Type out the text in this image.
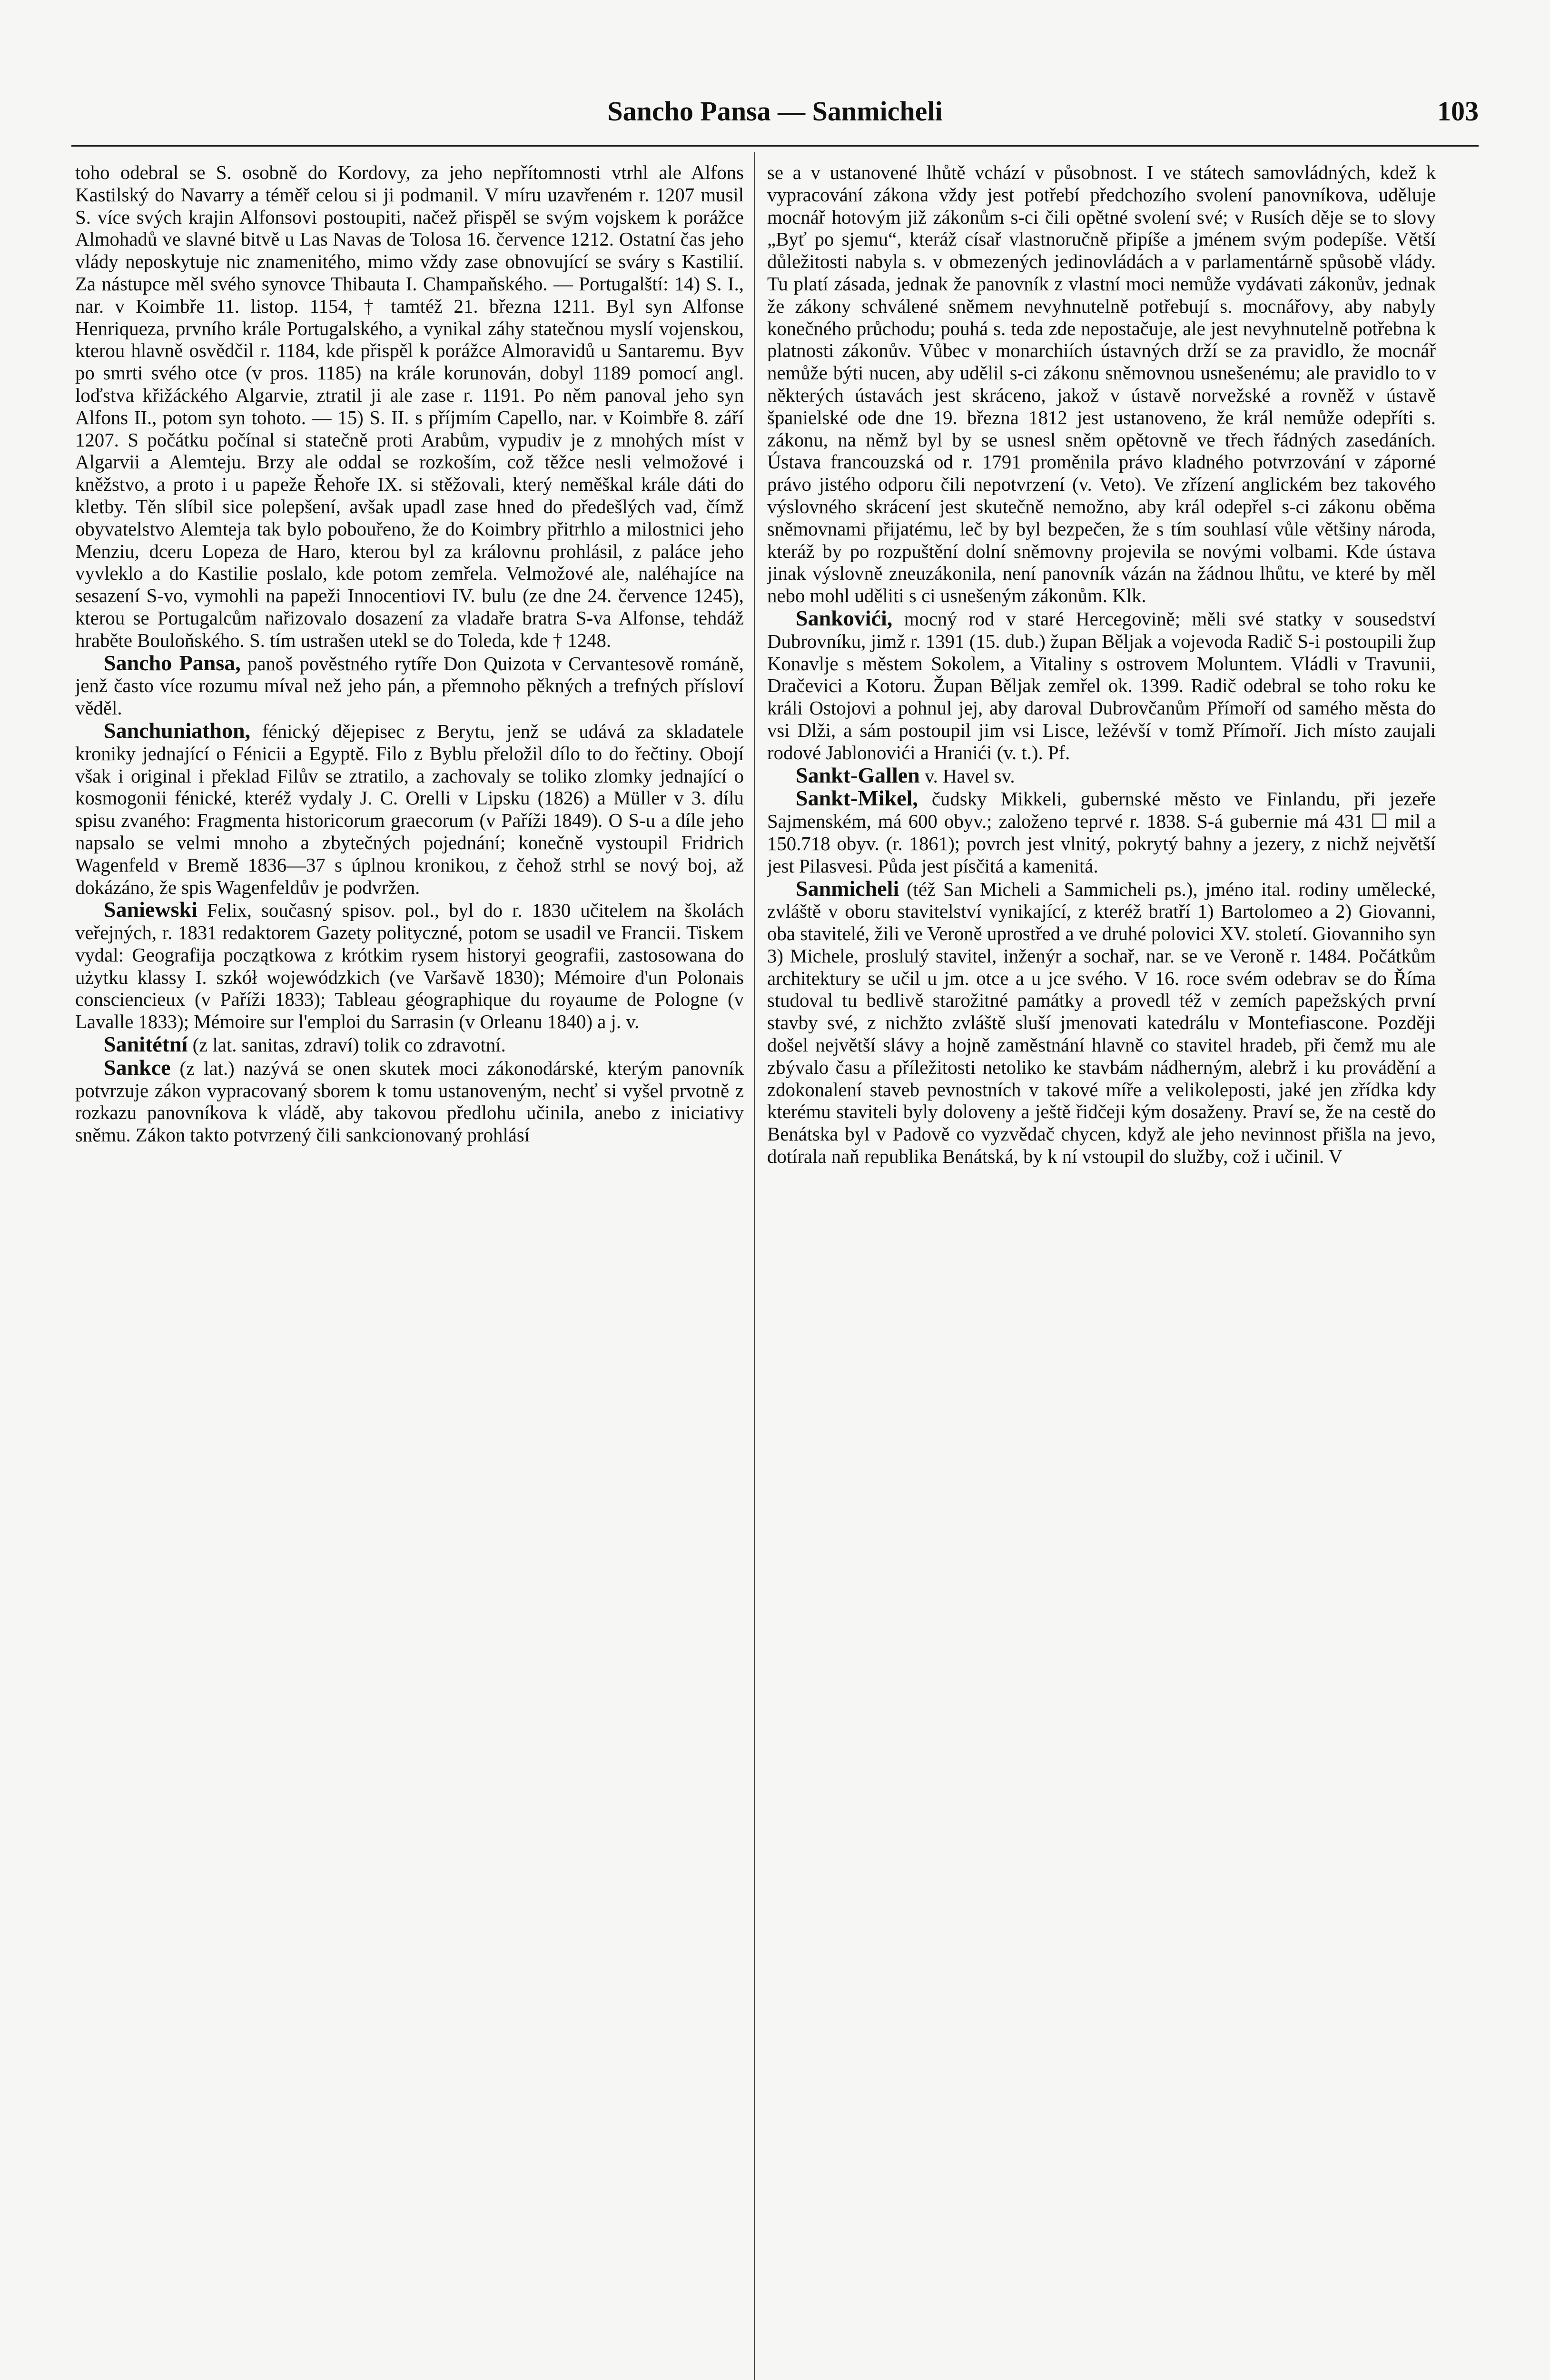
Sancho Pansa — Sanmicheli	103

toho odebral se S. osobně do Kordovy, za jeho nepřítomnosti vtrhl ale Alfons Kastilský do Navarry a téměř celou si ji podmanil. V míru uzavřeném r. 1207 musil S. více svých krajin Alfonsovi postoupiti, načež přispěl se svým vojskem k porážce Almohadů ve slavné bitvě u Las Navas de Tolosa 16. července 1212. Ostatní čas jeho vlády neposkytuje nic znamenitého, mimo vždy zase obnovující se sváry s Kastilií. Za nástupce měl svého synovce Thibauta I. Champaňského. — Portugalští: 14) S. I., nar. v Koimbře 11. listop. 1154, † tamtéž 21. března 1211. Byl syn Alfonse Henriqueza, prvního krále Portugalského, a vynikal záhy statečnou myslí vojenskou, kterou hlavně osvědčil r. 1184, kde přispěl k porážce Almoravidů u Santaremu. Byv po smrti svého otce (v pros. 1185) na krále korunován, dobyl 1189 pomocí angl. loďstva křižáckého Algarvie, ztratil ji ale zase r. 1191. Po něm panoval jeho syn Alfons II., potom syn tohoto. — 15) S. II. s příjmím Capello, nar. v Koimbře 8. září 1207. S počátku počínal si statečně proti Arabům, vypudiv je z mnohých míst v Algarvii a Alemteju. Brzy ale oddal se rozkoším, což těžce nesli velmožové i kněžstvo, a proto i u papeže Řehoře IX. si stěžovali, který neměškal krále dáti do kletby. Těn slíbil sice polepšení, avšak upadl zase hned do předešlých vad, čímž obyvatelstvo Alemteja tak bylo pobouřeno, že do Koimbry přitrhlo a milostnici jeho Menziu, dceru Lopeza de Haro, kterou byl za královnu prohlásil, z paláce jeho vyvleklo a do Kastilie poslalo, kde potom zemřela. Velmožové ale, naléhajíce na sesazení S-vo, vymohli na papeži Innocentiovi IV. bulu (ze dne 24. července 1245), kterou se Portugalcům nařizovalo dosazení za vladaře bratra S-va Alfonse, tehdáž hraběte Bouloňského. S. tím ustrašen utekl se do Toleda, kde † 1248.

Sancho Pansa, panoš pověstného rytíře Don Quizota v Cervantesově románě, jenž často více rozumu míval než jeho pán, a přemnoho pěkných a trefných přísloví věděl.

Sanchuniathon, fénický dějepisec z Berytu, jenž se udává za skladatele kroniky jednající o Fénicii a Egyptě. Filo z Byblu přeložil dílo to do řečtiny. Obojí však i original i překlad Filův se ztratilo, a zachovaly se toliko zlomky jednající o kosmogonii fénické, kteréž vydaly J. C. Orelli v Lipsku (1826) a Müller v 3. dílu spisu zvaného: Fragmenta historicorum graecorum (v Paříži 1849). O S-u a díle jeho napsalo se velmi mnoho a zbytečných pojednání; konečně vystoupil Fridrich Wagenfeld v Bremě 1836—37 s úplnou kronikou, z čehož strhl se nový boj, až dokázáno, že spis Wagenfeldův je podvržen.

Saniewski Felix, současný spisov. pol., byl do r. 1830 učitelem na školách veřejných, r. 1831 redaktorem Gazety polityczné, potom se usadil ve Francii. Tiskem vydal: Geografija początkowa z krótkim rysem historyi geografii, zastosowana do użytku klassy I. szkół wojewódzkich (ve Varšavě 1830); Mémoire d'un Polonais consciencieux (v Paříži 1833); Tableau géographique du royaume de Pologne (v Lavalle 1833); Mémoire sur l'emploi du Sarrasin (v Orleanu 1840) a j. v.

Sanitétní (z lat. sanitas, zdraví) tolik co zdravotní.

Sankce (z lat.) nazývá se onen skutek moci zákonodárské, kterým panovník potvrzuje zákon vypracovaný sborem k tomu ustanoveným, nechť si vyšel prvotně z rozkazu panovníkova k vládě, aby takovou předlohu učinila, anebo z iniciativy sněmu. Zákon takto potvrzený čili sankcionovaný prohlásí

se a v ustanovené lhůtě vchází v působnost. I ve státech samovládných, kdež k vypracování zákona vždy jest potřebí předchozího svolení panovníkova, uděluje mocnář hotovým již zákonům s-ci čili opětné svolení své; v Rusích děje se to slovy „Byť po sjemu“, kteráž císař vlastnoručně připíše a jménem svým podepíše. Větší důležitosti nabyla s. v obmezených jedinovládách a v parlamentárně spůsobě vlády. Tu platí zásada, jednak že panovník z vlastní moci nemůže vydávati zákonův, jednak že zákony schválené sněmem nevyhnutelně potřebují s. mocnářovy, aby nabyly konečného průchodu; pouhá s. teda zde nepostačuje, ale jest nevyhnutelně potřebna k platnosti zákonův. Vůbec v monarchiích ústavných drží se za pravidlo, že mocnář nemůže býti nucen, aby udělil s-ci zákonu sněmovnou usnešenému; ale pravidlo to v některých ústavách jest skráceno, jakož v ústavě norvežské a rovněž v ústavě španielské ode dne 19. března 1812 jest ustanoveno, že král nemůže odepříti s. zákonu, na němž byl by se usnesl sněm opětovně ve třech řádných zasedáních. Ústava francouzská od r. 1791 proměnila právo kladného potvrzování v záporné právo jistého odporu čili nepotvrzení (v. Veto). Ve zřízení anglickém bez takového výslovného skrácení jest skutečně nemožno, aby král odepřel s-ci zákonu oběma sněmovnami přijatému, leč by byl bezpečen, že s tím souhlasí vůle většiny národa, kteráž by po rozpuštění dolní sněmovny projevila se novými volbami. Kde ústava jinak výslovně zneuzákonila, není panovník vázán na žádnou lhůtu, ve které by měl nebo mohl uděliti s ci usnešeným zákonům. Klk.

Sankovići, mocný rod v staré Hercegovině; měli své statky v sousedství Dubrovníku, jimž r. 1391 (15. dub.) župan Běljak a vojevoda Radič S-i postoupili žup Konavlje s městem Sokolem, a Vitaliny s ostrovem Moluntem. Vládli v Travunii, Dračevici a Kotoru. Župan Běljak zemřel ok. 1399. Radič odebral se toho roku ke králi Ostojovi a pohnul jej, aby daroval Dubrovčanům Přímoří od samého města do vsi Dlži, a sám postoupil jim vsi Lisce, ležévší v tomž Přímoří. Jich místo zaujali rodové Jablonovići a Hranići (v. t.). Pf.

Sankt-Gallen v. Havel sv.

Sankt-Mikel, čudsky Mikkeli, gubernské město ve Finlandu, při jezeře Sajmenském, má 600 obyv.; založeno teprvé r. 1838. S-á gubernie má 431 ☐ mil a 150.718 obyv. (r. 1861); povrch jest vlnitý, pokrytý bahny a jezery, z nichž největší jest Pilasvesi. Půda jest písčitá a kamenitá.

Sanmicheli (též San Micheli a Sammicheli ps.), jméno ital. rodiny umělecké, zvláště v oboru stavitelství vynikající, z kteréž bratří 1) Bartolomeo a 2) Giovanni, oba stavitelé, žili ve Veroně uprostřed a ve druhé polovici XV. století. Giovanniho syn 3) Michele, proslulý stavitel, inženýr a sochař, nar. se ve Veroně r. 1484. Počátkům architektury se učil u jm. otce a u jce svého. V 16. roce svém odebrav se do Říma studoval tu bedlivě starožitné památky a provedl též v zemích papežských první stavby své, z nichžto zvláště sluší jmenovati katedrálu v Montefiascone. Později došel největší slávy a hojně zaměstnání hlavně co stavitel hradeb, při čemž mu ale zbývalo času a příležitosti netoliko ke stavbám nádherným, alebrž i ku provádění a zdokonalení staveb pevnostních v takové míře a velikoleposti, jaké jen zřídka kdy kterému staviteli byly doloveny a ještě řidčeji kým dosaženy. Praví se, že na cestě do Benátska byl v Padově co vyzvědač chycen, když ale jeho nevinnost přišla na jevo, dotírala naň republika Benátská, by k ní vstoupil do služby, což i učinil. V
